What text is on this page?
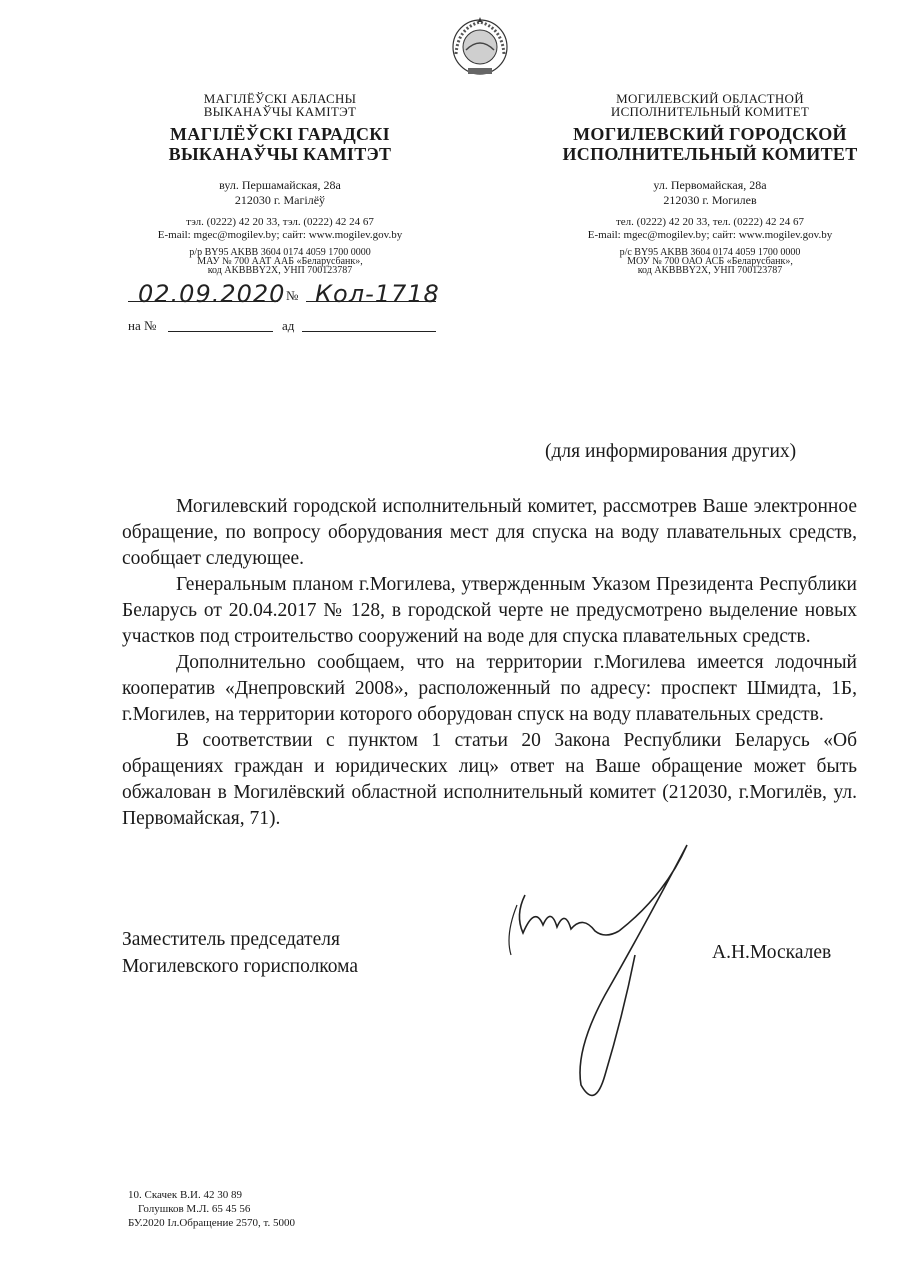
МАГІЛЁЎСКІ АБЛАСНЫ
ВЫКАНАЎЧЫ КАМІТЭТ
МАГІЛЁЎСКІ ГАРАДСКІ
ВЫКАНАЎЧЫ КАМІТЭТ
вул. Першамайская, 28а
212030 г. Магілёў
тэл. (0222) 42 20 33, тэл. (0222) 42 24 67
E-mail: mgec@mogilev.by; сайт: www.mogilev.gov.by
р/р BY95 AKBB 3604 0174 4059 1700 0000
МАУ № 700 ААТ ААБ «Беларусбанк»,
код AKBBBY2X, УНП 700123787
МОГИЛЕВСКИЙ ОБЛАСТНОЙ
ИСПОЛНИТЕЛЬНЫЙ КОМИТЕТ
МОГИЛЕВСКИЙ ГОРОДСКОЙ
ИСПОЛНИТЕЛЬНЫЙ КОМИТЕТ
ул. Первомайская, 28а
212030 г. Могилев
тел. (0222) 42 20 33, тел. (0222) 42 24 67
E-mail: mgec@mogilev.by; сайт: www.mogilev.gov.by
р/с BY95 AKBB 3604 0174 4059 1700 0000
МОУ № 700 ОАО АСБ «Беларусбанк»,
код AKBBBY2X, УНП 700123787
02.09.2020 № Кол-1718
на №	ад
(для информирования других)

Могилевский городской исполнительный комитет, рассмотрев Ваше электронное обращение, по вопросу оборудования мест для спуска на воду плавательных средств, сообщает следующее.

Генеральным планом г.Могилева, утвержденным Указом Президента Республики Беларусь от 20.04.2017 № 128, в городской черте не предусмотрено выделение новых участков под строительство сооружений на воде для спуска плавательных средств.

Дополнительно сообщаем, что на территории г.Могилева имеется лодочный кооператив «Днепровский 2008», расположенный по адресу: проспект Шмидта, 1Б, г.Могилев, на территории которого оборудован спуск на воду плавательных средств.

В соответствии с пунктом 1 статьи 20 Закона Республики Беларусь «Об обращениях граждан и юридических лиц» ответ на Ваше обращение может быть обжалован в Могилёвский областной исполнительный комитет (212030, г.Могилёв, ул. Первомайская, 71).

Заместитель председателя
Могилевского горисполкома
А.Н.Москалев
10. Скачек В.И. 42 30 89
Голушков М.Л. 65 45 56
БУ.2020 Іл.Обращение 2570, т. 5000
